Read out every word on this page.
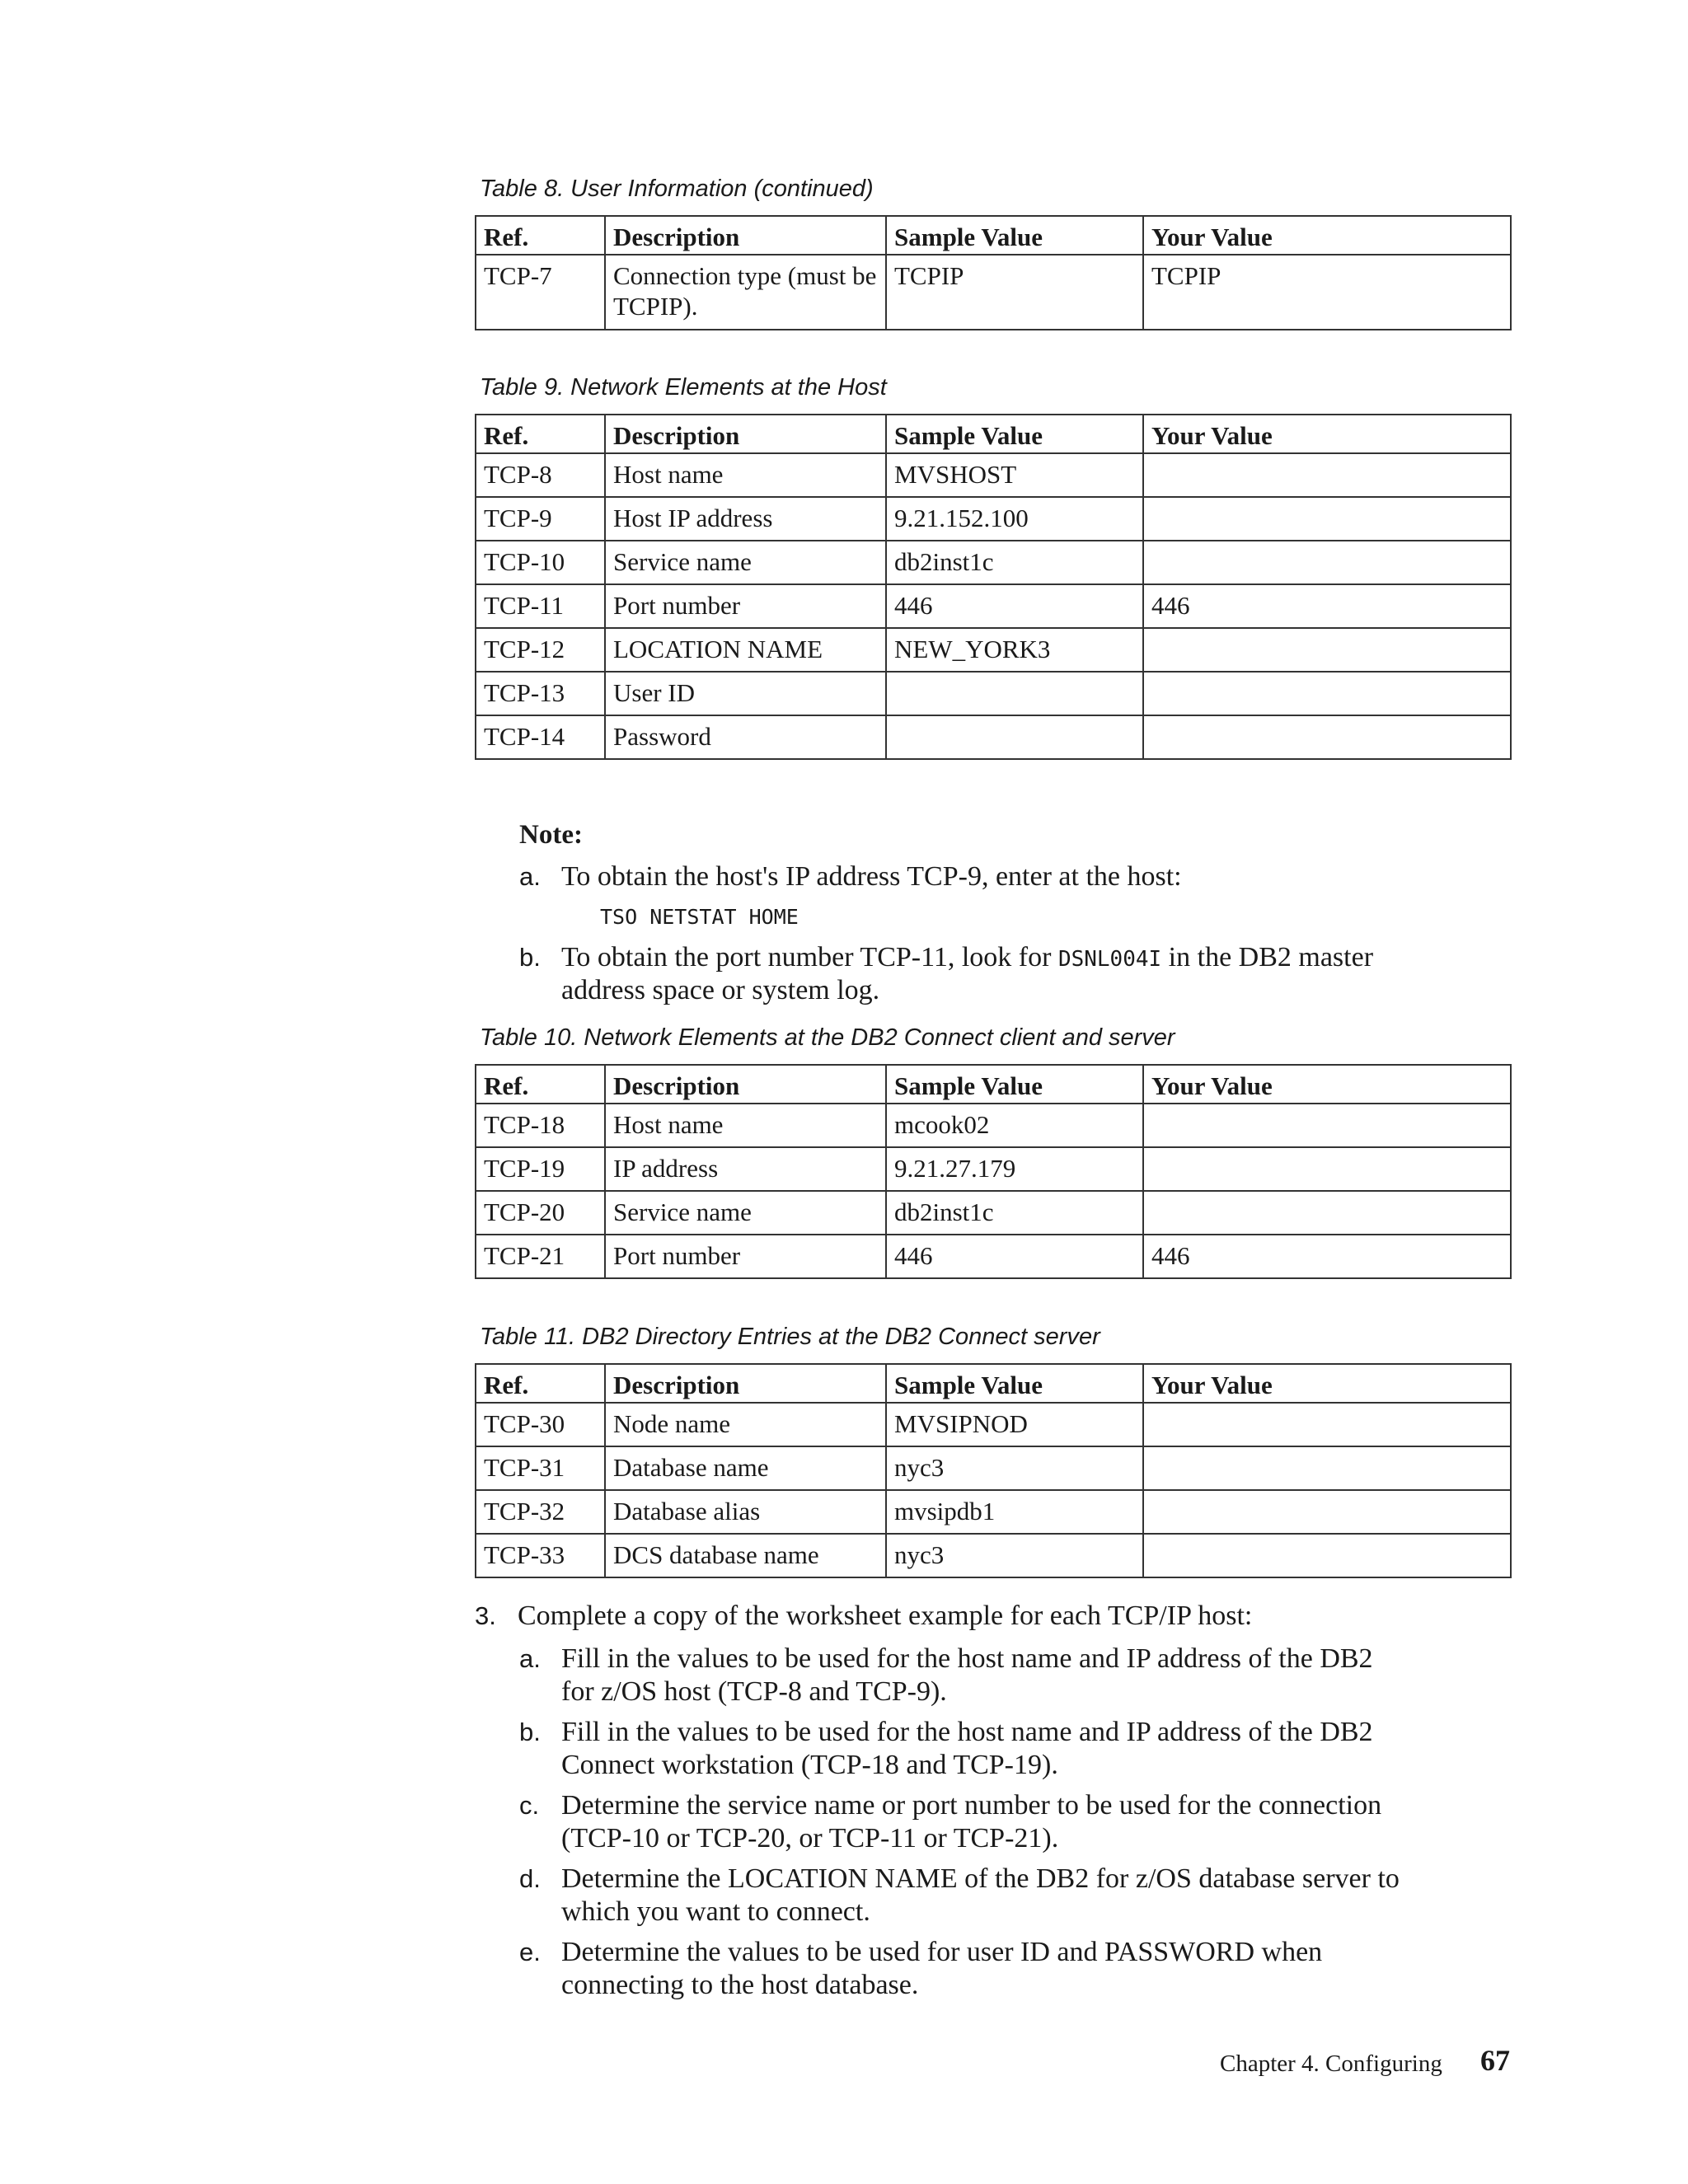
Table 8. User Information (continued)
Ref.	Description	Sample Value	Your Value
TCP-7	Connection type (must be TCPIP).	TCPIP	TCPIP
Table 9. Network Elements at the Host
Ref.	Description	Sample Value	Your Value
TCP-8	Host name	MVSHOST	
TCP-9	Host IP address	9.21.152.100	
TCP-10	Service name	db2inst1c	
TCP-11	Port number	446	446
TCP-12	LOCATION NAME	NEW_YORK3	
TCP-13	User ID		
TCP-14	Password		
Note:
a. To obtain the host's IP address TCP-9, enter at the host:
TSO NETSTAT HOME
b. To obtain the port number TCP-11, look for DSNL004I in the DB2 master
address space or system log.
Table 10. Network Elements at the DB2 Connect client and server
Ref.	Description	Sample Value	Your Value
TCP-18	Host name	mcook02	
TCP-19	IP address	9.21.27.179	
TCP-20	Service name	db2inst1c	
TCP-21	Port number	446	446
Table 11. DB2 Directory Entries at the DB2 Connect server
Ref.	Description	Sample Value	Your Value
TCP-30	Node name	MVSIPNOD	
TCP-31	Database name	nyc3	
TCP-32	Database alias	mvsipdb1	
TCP-33	DCS database name	nyc3	
3. Complete a copy of the worksheet example for each TCP/IP host:
a. Fill in the values to be used for the host name and IP address of the DB2
for z/OS host (TCP-8 and TCP-9).
b. Fill in the values to be used for the host name and IP address of the DB2
Connect workstation (TCP-18 and TCP-19).
c. Determine the service name or port number to be used for the connection
(TCP-10 or TCP-20, or TCP-11 or TCP-21).
d. Determine the LOCATION NAME of the DB2 for z/OS database server to
which you want to connect.
e. Determine the values to be used for user ID and PASSWORD when
connecting to the host database.
Chapter 4. Configuring 67
